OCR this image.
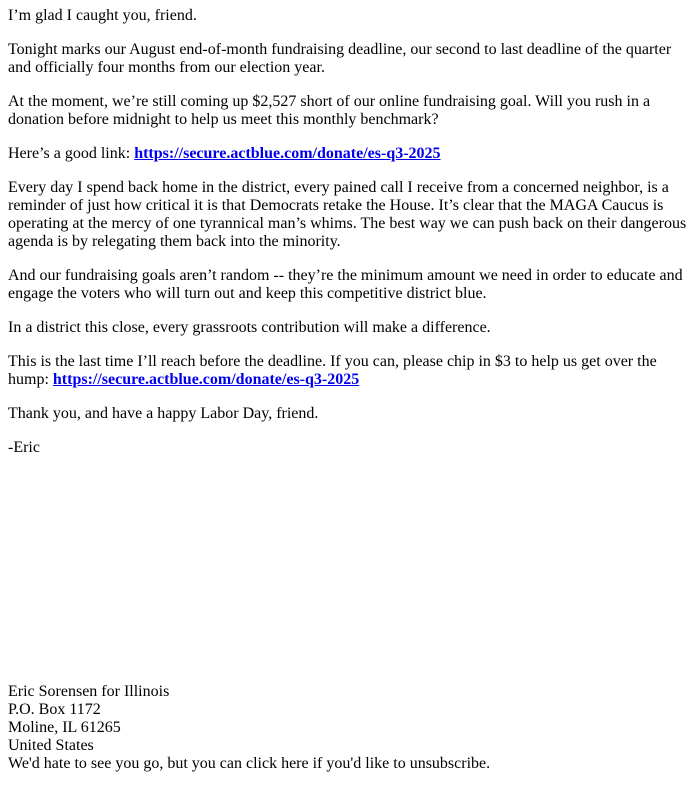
I’m glad I caught you, friend.

Tonight marks our August end-of-month fundraising deadline, our second to last deadline of the quarter and officially four months from our election year.

At the moment, we’re still coming up $2,527 short of our online fundraising goal. Will you rush in a donation before midnight to help us meet this monthly benchmark?

Here’s a good link: https://secure.actblue.com/donate/es-q3-2025

Every day I spend back home in the district, every pained call I receive from a concerned neighbor, is a reminder of just how critical it is that Democrats retake the House. It’s clear that the MAGA Caucus is operating at the mercy of one tyrannical man’s whims. The best way we can push back on their dangerous agenda is by relegating them back into the minority.

And our fundraising goals aren’t random -- they’re the minimum amount we need in order to educate and engage the voters who will turn out and keep this competitive district blue.

In a district this close, every grassroots contribution will make a difference.

This is the last time I’ll reach before the deadline. If you can, please chip in $3 to help us get over the hump: https://secure.actblue.com/donate/es-q3-2025

Thank you, and have a happy Labor Day, friend.

-Eric

Eric Sorensen for Illinois
P.O. Box 1172
Moline, IL 61265
United States
We'd hate to see you go, but you can click here if you'd like to unsubscribe.
